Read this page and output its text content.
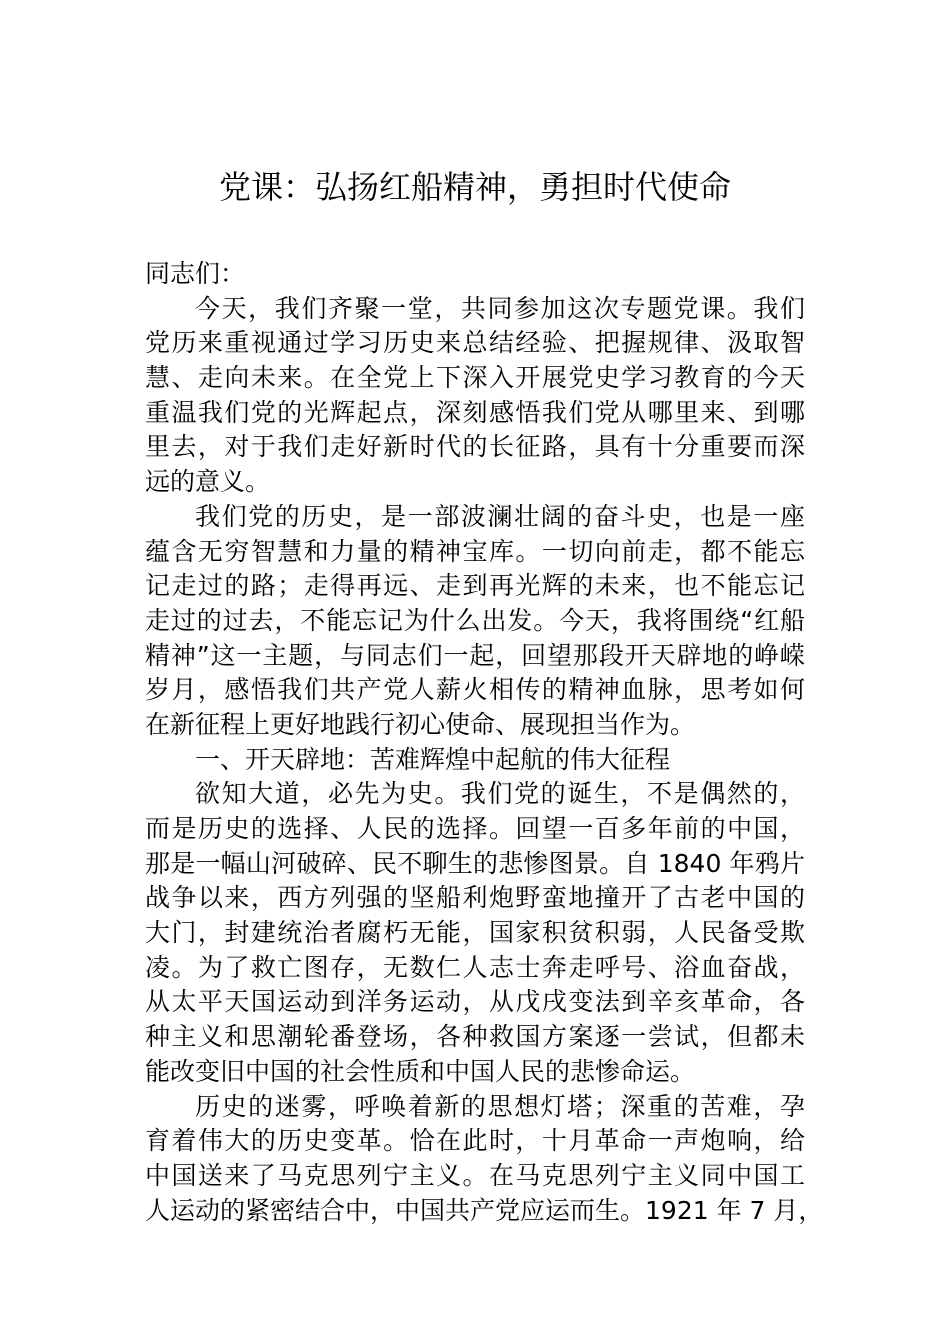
党课：弘扬红船精神，勇担时代使命
同志们：
今天，我们齐聚一堂，共同参加这次专题党课。我们
党历来重视通过学习历史来总结经验、把握规律、汲取智
慧、走向未来。在全党上下深入开展党史学习教育的今天
重温我们党的光辉起点，深刻感悟我们党从哪里来、到哪
里去，对于我们走好新时代的长征路，具有十分重要而深
远的意义。
我们党的历史，是一部波澜壮阔的奋斗史，也是一座
蕴含无穷智慧和力量的精神宝库。一切向前走，都不能忘
记走过的路；走得再远、走到再光辉的未来，也不能忘记
走过的过去，不能忘记为什么出发。今天，我将围绕“红船
精神”这一主题，与同志们一起，回望那段开天辟地的峥嵘
岁月，感悟我们共产党人薪火相传的精神血脉，思考如何
在新征程上更好地践行初心使命、展现担当作为。
一、开天辟地：苦难辉煌中起航的伟大征程
欲知大道，必先为史。我们党的诞生，不是偶然的，
而是历史的选择、人民的选择。回望一百多年前的中国，
那是一幅山河破碎、民不聊生的悲惨图景。自 1840 年鸦片
战争以来，西方列强的坚船利炮野蛮地撞开了古老中国的
大门，封建统治者腐朽无能，国家积贫积弱，人民备受欺
凌。为了救亡图存，无数仁人志士奔走呼号、浴血奋战，
从太平天国运动到洋务运动，从戊戌变法到辛亥革命，各
种主义和思潮轮番登场，各种救国方案逐一尝试，但都未
能改变旧中国的社会性质和中国人民的悲惨命运。
历史的迷雾，呼唤着新的思想灯塔；深重的苦难，孕
育着伟大的历史变革。恰在此时，十月革命一声炮响，给
中国送来了马克思列宁主义。在马克思列宁主义同中国工
人运动的紧密结合中，中国共产党应运而生。1921 年 7 月，
